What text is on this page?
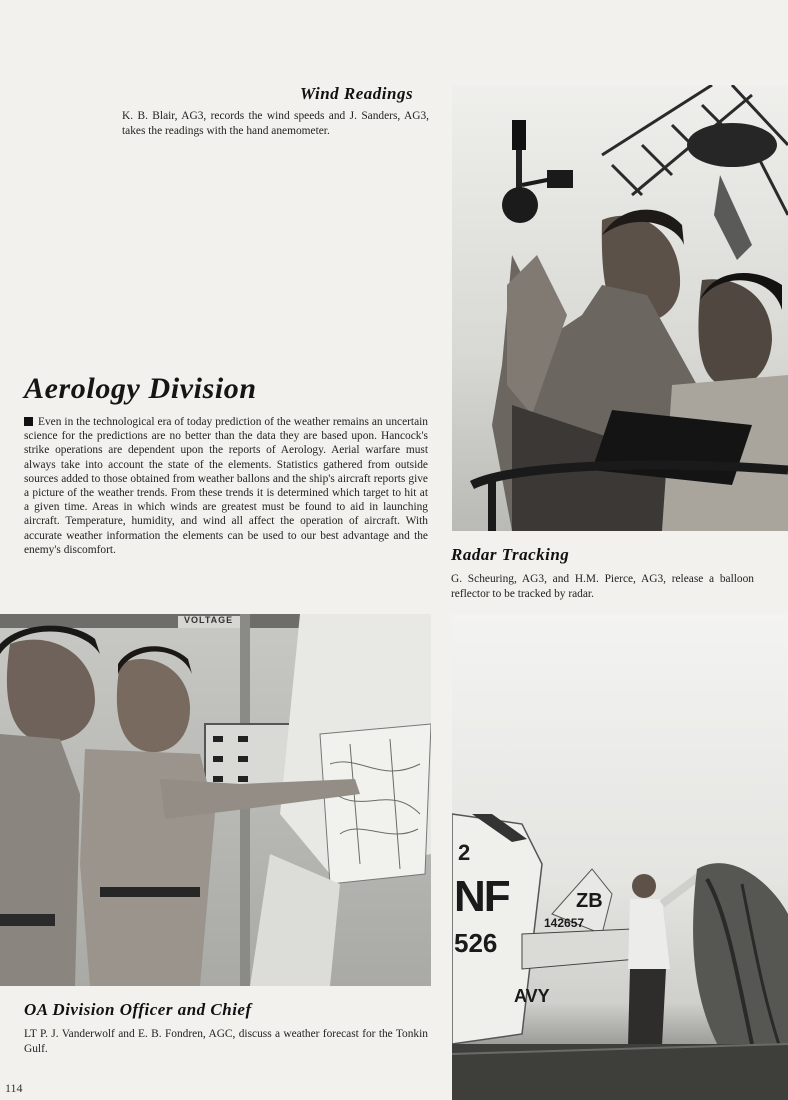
Wind Readings
K. B. Blair, AG3, records the wind speeds and J. Sanders, AG3, takes the readings with the hand anemometer.
Aerology Division
Even in the technological era of today prediction of the weather remains an uncertain science for the predictions are no better than the data they are based upon. Hancock's strike operations are dependent upon the reports of Aerology. Aerial warfare must always take into account the state of the elements. Statistics gathered from outside sources added to those obtained from weather ballons and the ship's aircraft reports give a picture of the weather trends. From these trends it is determined which target to hit at a given time. Areas in which winds are greatest must be found to aid in launching aircraft. Temperature, humidity, and wind all affect the operation of aircraft. With accurate weather information the elements can be used to our best advantage and the enemy's discomfort.	Radar Tracking
G. Scheuring, AG3, and H.M. Pierce, AG3, release a balloon reflector to be tracked by radar.
2
NF
526
ZB
142657
AVY
VOLTAGE
OA Division Officer and Chief
LT P. J. Vanderwolf and E. B. Fondren, AGC, discuss a weather forecast for the Tonkin Gulf.
114
